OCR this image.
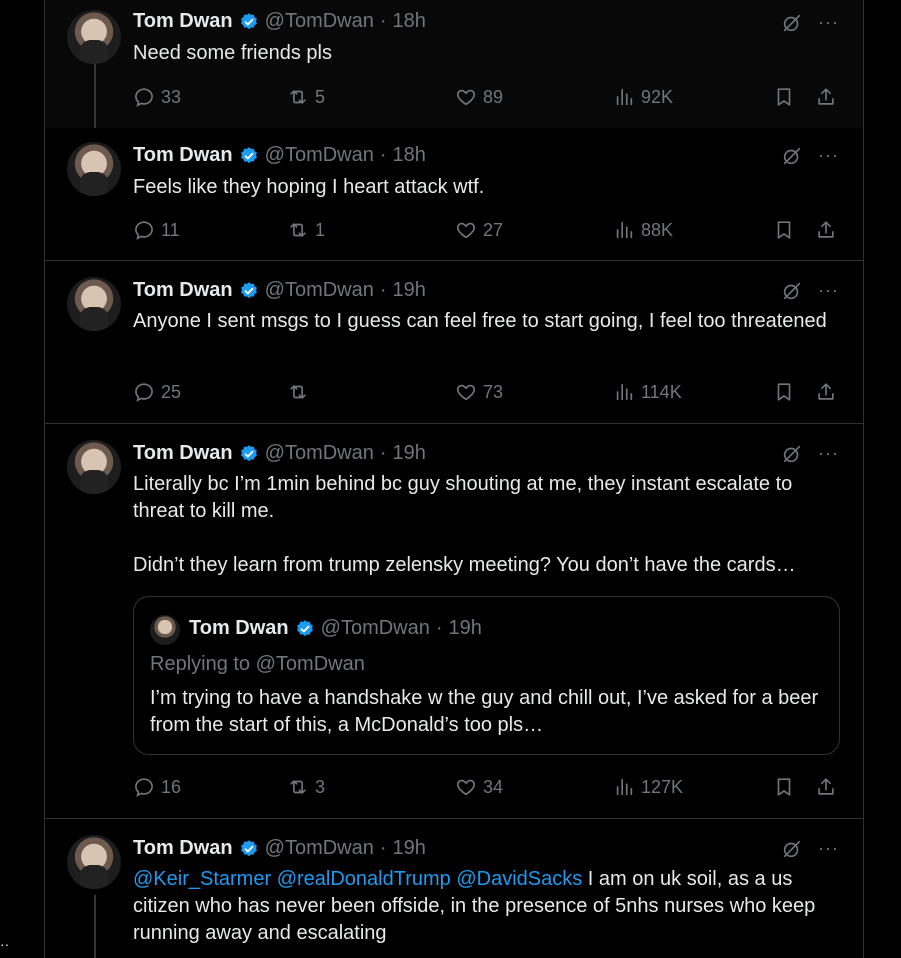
Tom Dwan @TomDwan · 18h	···

Need some friends pls

33	5	89	92K
Tom Dwan @TomDwan · 18h	···

Feels like they hoping I heart attack wtf.

11	1	27	88K
Tom Dwan @TomDwan · 19h	···

Anyone I sent msgs to I guess can feel free to start going, I feel too threatened

25	73	114K
Tom Dwan @TomDwan · 19h	···

Literally bc I’m 1min behind bc guy shouting at me, they instant escalate to threat to kill me.

Didn’t they learn from trump zelensky meeting? You don’t have the cards…

Tom Dwan @TomDwan · 19h
Replying to @TomDwan
I’m trying to have a handshake w the guy and chill out, I’ve asked for a beer from the start of this, a McDonald’s too pls…
16	3	34	127K
Tom Dwan @TomDwan · 19h	···

@Keir_Starmer @realDonaldTrump @DavidSacks I am on uk soil, as a us citizen who has never been offside, in the presence of 5nhs nurses who keep running away and escalating

··
